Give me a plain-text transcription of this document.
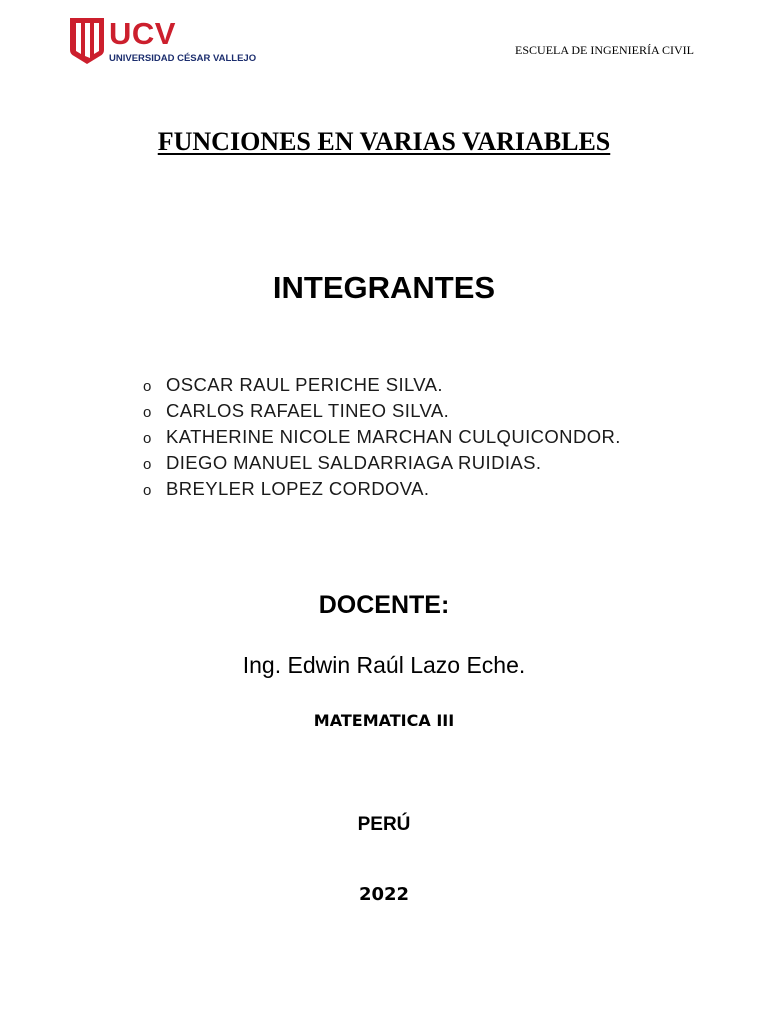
UCV
UNIVERSIDAD CÉSAR VALLEJO
ESCUELA DE INGENIERÍA CIVIL
FUNCIONES EN VARIAS VARIABLES
INTEGRANTES
o OSCAR RAUL PERICHE SILVA.
o CARLOS RAFAEL TINEO SILVA.
o KATHERINE NICOLE MARCHAN CULQUICONDOR.
o DIEGO MANUEL SALDARRIAGA RUIDIAS.
o BREYLER LOPEZ CORDOVA.
DOCENTE:
Ing. Edwin Raúl Lazo Eche.
MATEMATICA III
PERÚ
2022
